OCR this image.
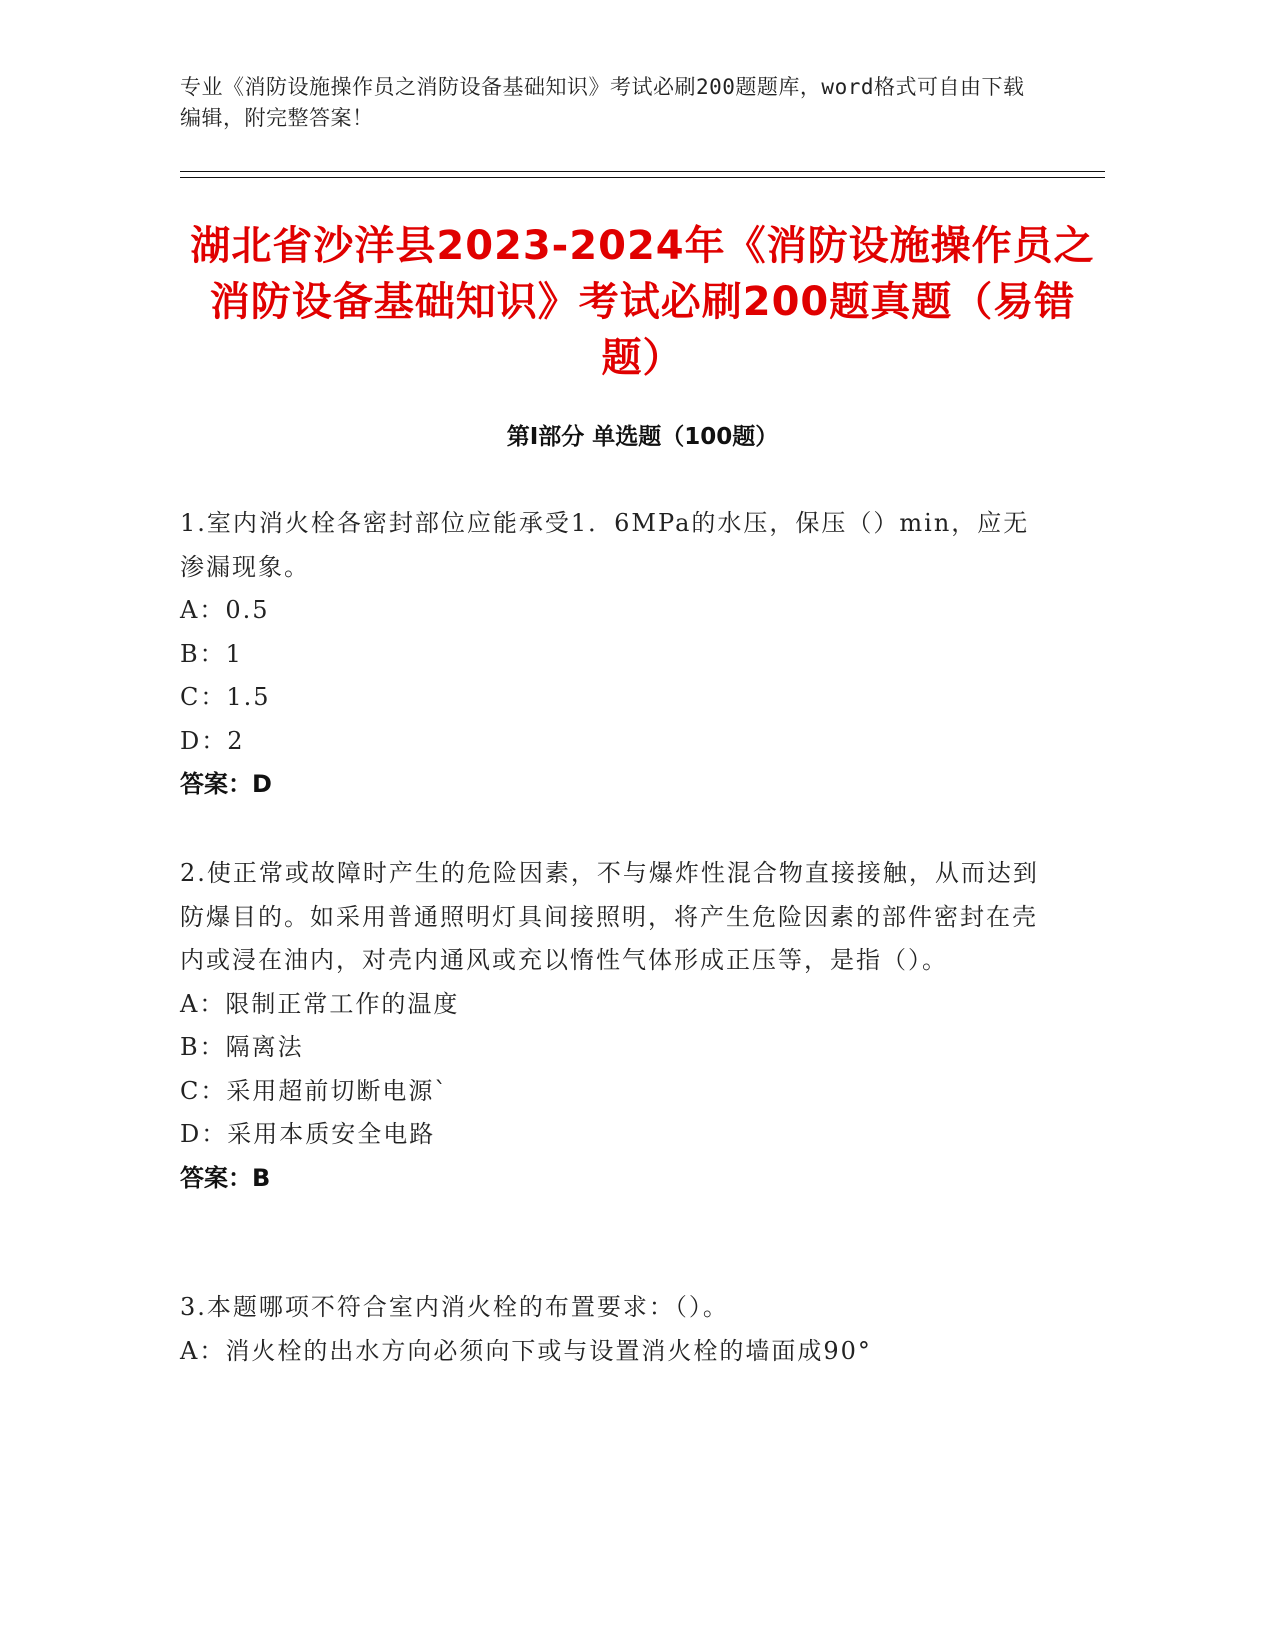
专业《消防设施操作员之消防设备基础知识》考试必刷200题题库，word格式可自由下载编辑，附完整答案！
湖北省沙洋县2023-2024年《消防设施操作员之消防设备基础知识》考试必刷200题真题（易错题）
第Ⅰ部分 单选题（100题）

1.室内消火栓各密封部位应能承受1．6MPa的水压，保压（）min，应无渗漏现象。

A：0.5

B：1

C：1.5

D：2

答案：D

2.使正常或故障时产生的危险因素，不与爆炸性混合物直接接触，从而达到防爆目的。如采用普通照明灯具间接照明，将产生危险因素的部件密封在壳内或浸在油内，对壳内通风或充以惰性气体形成正压等，是指（）。

A：限制正常工作的温度

B：隔离法

C：采用超前切断电源`

D：采用本质安全电路

答案：B

3.本题哪项不符合室内消火栓的布置要求：（）。

A：消火栓的出水方向必须向下或与设置消火栓的墙面成90°
